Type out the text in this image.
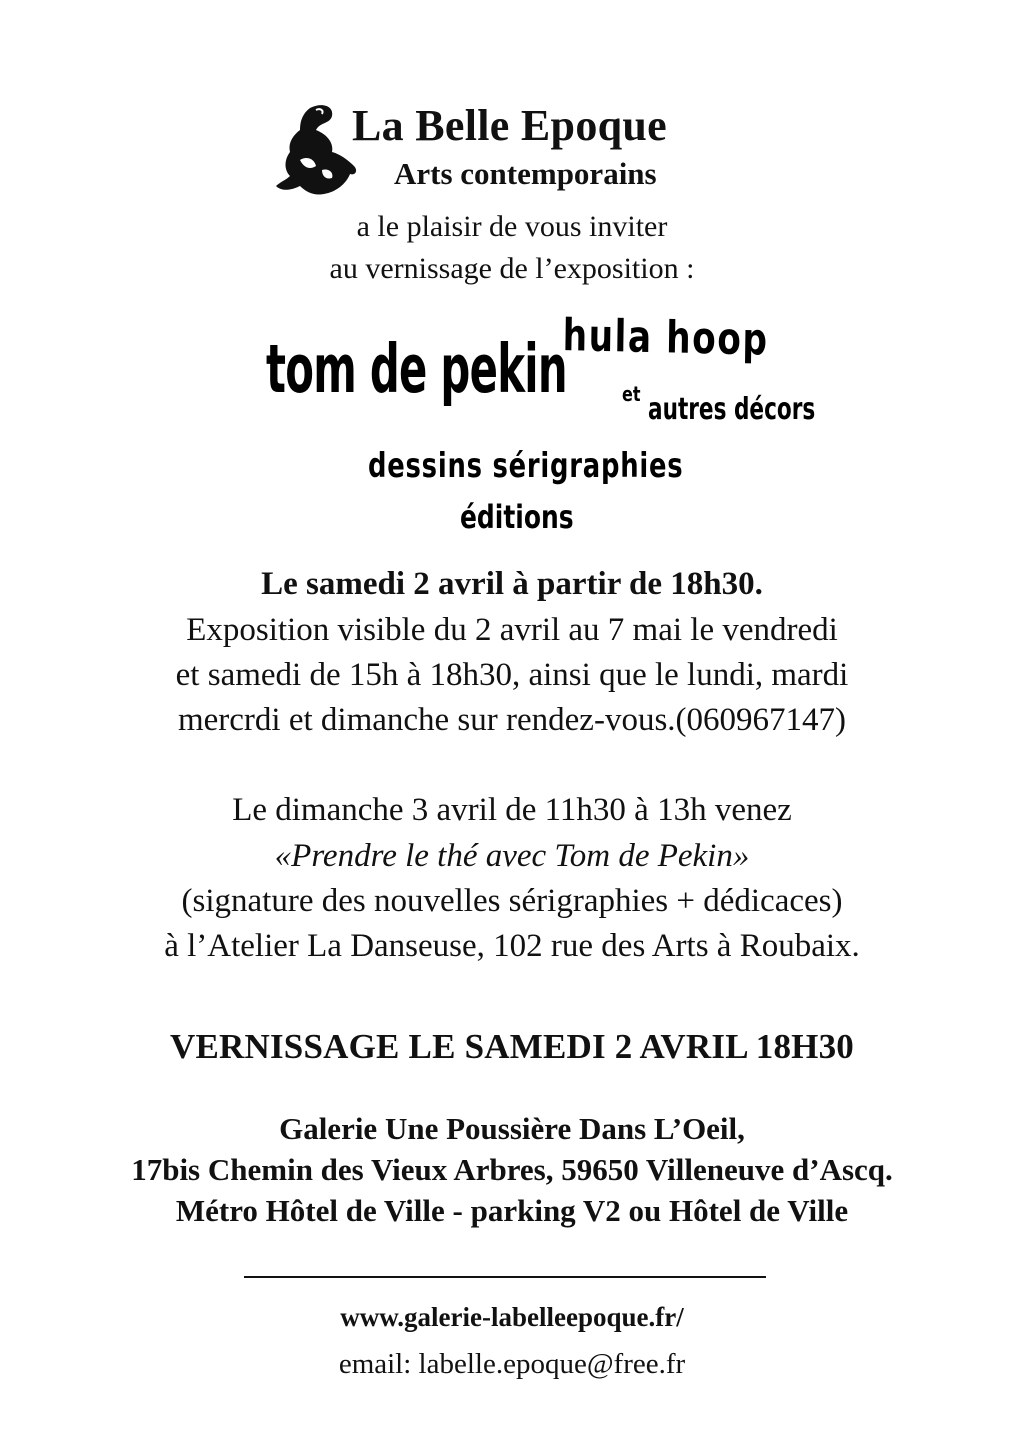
La Belle Epoque
Arts contemporains
a le plaisir de vous inviter
au vernissage de l’exposition :
tom de pekin
hula hoop
et autres décors
dessins sérigraphies
éditions
Le samedi 2 avril à partir de 18h30.
Exposition visible du 2 avril au 7 mai le vendredi
et samedi de 15h à 18h30, ainsi que le lundi, mardi
mercrdi et dimanche sur rendez-vous.(060967147)
Le dimanche 3 avril de 11h30 à 13h venez
«Prendre le thé avec Tom de Pekin»
(signature des nouvelles sérigraphies + dédicaces)
à l’Atelier La Danseuse, 102 rue des Arts à Roubaix.
VERNISSAGE LE SAMEDI 2 AVRIL 18H30
Galerie Une Poussière Dans L’Oeil,
17bis Chemin des Vieux Arbres, 59650 Villeneuve d’Ascq.
Métro Hôtel de Ville - parking V2 ou Hôtel de Ville
www.galerie-labelleepoque.fr/
email: labelle.epoque@free.fr
